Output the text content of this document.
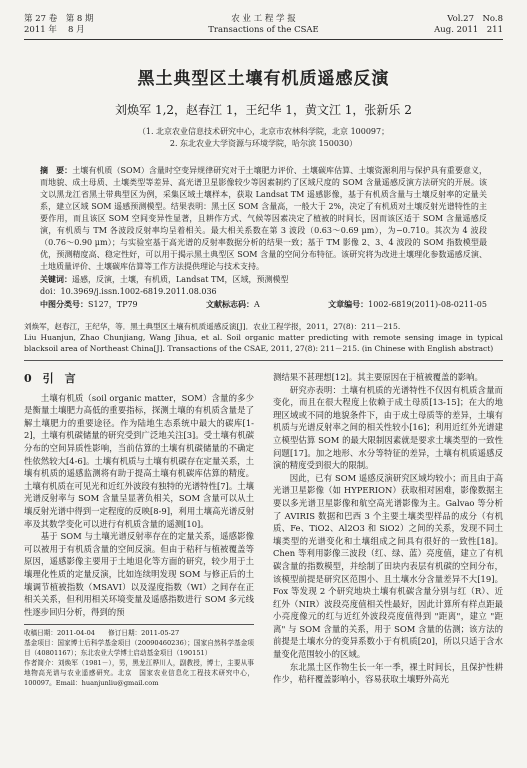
第 27 卷　第 8 期
2011 年　 8 月
农 业 工 程 学 报
Transactions of the CSAE
Vol.27　No.8
Aug. 2011　211
黑土典型区土壤有机质遥感反演
刘焕军 1,2，赵春江 1，王纪华 1，黄文江 1，张新乐 2
（1. 北京农业信息技术研究中心，北京市农林科学院，北京 100097；
2. 东北农业大学资源与环境学院，哈尔滨 150030）
摘　要：土壤有机质（SOM）含量时空变异规律研究对于土壤肥力评价、土壤碳库估算、土壤资源利用与保护具有重要意义，而地貌、成土母质、土壤类型等差异、高光谱卫星影像较少等因素制约了区域尺度的 SOM 含量遥感反演方法研究的开展。该文以黑龙江省黑土带典型区为例，采集区域土壤样本，获取 Landsat TM 遥感影像，基于有机质含量与土壤反射率的定量关系，建立区域 SOM 遥感预测模型。结果表明：黑土区 SOM 含量高，一般大于 2%，决定了有机质对土壤反射光谱特性的主要作用，而且该区 SOM 空间变异性显著，且耕作方式、气候等因素决定了植被的时间长，因而该区适于 SOM 含量遥感反演，有机质与 TM 各波段反射率均呈着相关。最大相关系数在第 3 波段（0.63～0.69 μm），为−0.710。其次为 4 波段（0.76～0.90 μm）；与实验室基于高光谱的反射率数据分析的结果一致；基于 TM 影像 2、3、4 波段的 SOM 指数模型最优，预测精度高、稳定性好，可以用于揭示黑土典型区 SOM 含量的空间分布特征。该研究将为改进土壤理化参数遥感反演、土地质量评价、土壤碳库估算等工作方法提供理论与技术支持。
关键词：遥感，反演，土壤，有机质，Landsat TM，区域，预测模型
doi：10.3969/j.issn.1002-6819.2011.08.036
中图分类号：S127，TP79	文献标志码：A	文章编号：1002-6819(2011)-08-0211-05
刘焕军，赵春江，王纪华，等．黑土典型区土壤有机质遥感反演[J]．农业工程学报，2011，27(8)：211－215.
Liu Huanjun, Zhao Chunjiang, Wang Jihua, et al. Soil organic matter predicting with remote sensing image in typical blacksoil area of Northeast China[J]. Transactions of the CSAE, 2011, 27(8): 211－215. (in Chinese with English abstract)
0　引　言

土壤有机质（soil organic matter，SOM）含量的多少是衡量土壤肥力高低的重要指标，探测土壤的有机质含量是了解土壤肥力的重要途径。作为陆地生态系统中最大的碳库[1-2]，土壤有机碳储量的研究受到广泛地关注[3]。受土壤有机碳分布的空间异质性影响，当前估算的土壤有机碳储量的不确定性依然较大[4-6]。土壤有机质与土壤有机碳存在定量关系，土壤有机质的遥感监测将有助于提高土壤有机碳库估算的精度。土壤有机质在可见光和近红外波段有独特的光谱特性[7]。土壤光谱反射率与 SOM 含量呈显著负相关，SOM 含量可以从土壤反射光谱中得到一定程度的反映[8-9]，利用土壤高光谱反射率及其数学变化可以进行有机质含量的遥测[10]。

基于 SOM 与土壤光谱反射率存在的定量关系，遥感影像可以被用于有机质含量的空间反演。但由于秸秆与植被覆盖等原因，遥感影像主要用于土地退化等方面的研究，较少用于土壤理化性质的定量反演，比如连续明发现 SOM 与修正后的土壤调节植被指数（MSAVI）以及湿度指数（WI）之间存在正相关关系，但利用相关环境变量及遥感指数进行 SOM 多元线性逐步回归分析，得到的预

收稿日期：2011-04-04　　修订日期：2011-05-27
基金项目：国家博士后科学基金项目（20090460236）；国家自然科学基金项目（40801167）；东北农业大学博士启动基金项目（190151）
作者简介：刘焕军（1981－），男，黑龙江桦川人，副教授，博士，主要从事地物高光谱与农业遥感研究。北京　国家农业信息化工程技术研究中心，100097。Email：huanjunliu@gmail.com

测结果不甚理想[12]。其主要原因在于植被覆盖的影响。

研究亦表明：土壤有机质的光谱特性不仅因有机质含量而变化，而且在很大程度上依赖于成土母质[13-15]；在大的地理区域或不同的地貌条件下，由于成土母质等的差异，土壤有机质与光谱反射率之间的相关性较小[16]；利用近红外光谱建立模型估算 SOM 的最大限制因素就是要求土壤类型的一致性问题[17]。加之地形、水分等特征的差异，土壤有机质遥感反演的精度受到很大的限制。

因此，已有 SOM 遥感反演研究区域均较小；而且由于高光谱卫星影像（如 HYPERION）获取相对困难，影像数据主要以多光谱卫星影像和航空高光谱影像为主。Galvao 等分析了 AVIRIS 数据和巴西 3 个主要土壤类型样品的成分（有机质、Fe、TiO2、Al2O3 和 SiO2）之间的关系，发现不同土壤类型的光谱变化和土壤组成之间具有很好的一致性[18]。Chen 等利用影像三波段（红、绿、蓝）亮度值，建立了有机碳含量的指数模型，并绘制了田块内表层有机碳的空间分布，该模型前提是研究区范围小、且土壤水分含量差异不大[19]。Fox 等发现 2 个研究地块土壤有机碳含量分别与红（R）、近红外（NIR）波段亮度值相关性最好，因此计算所有样点距最小亮度像元的红与近红外波段亮度值得到 "距离"，建立 "距离" 与 SOM 含量的关系，用于 SOM 含量的估测；该方法的前提是土壤水分的变异系数小于有机质[20]，所以只适于含水量变化范围较小的区域。

东北黑土区作物生长一年一季，裸土时间长，且保护性耕作少，秸秆覆盖影响小，容易获取土壤野外高光
